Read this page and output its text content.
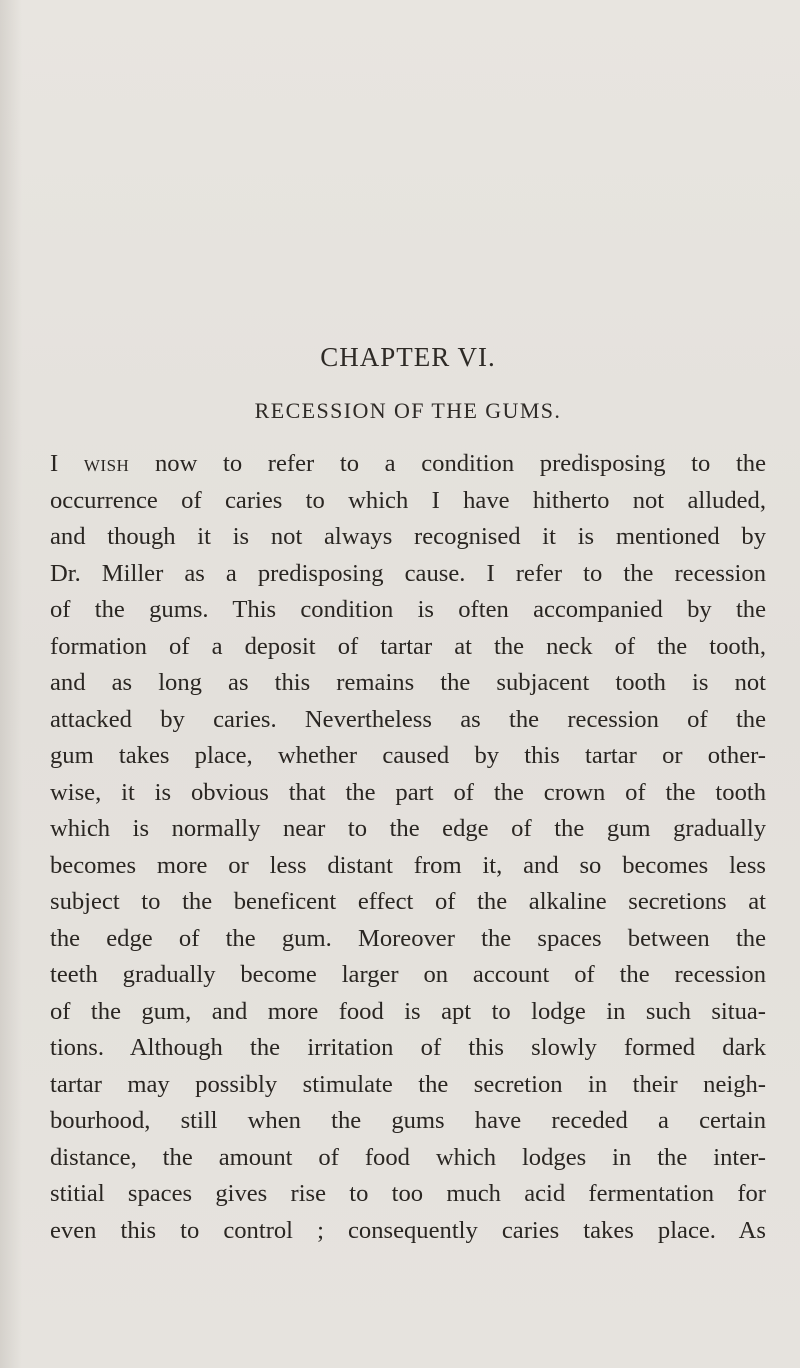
CHAPTER VI.
RECESSION OF THE GUMS.
I wish now to refer to a condition predisposing to the
occurrence of caries to which I have hitherto not alluded,
and though it is not always recognised it is mentioned by
Dr. Miller as a predisposing cause. I refer to the recession
of the gums. This condition is often accompanied by the
formation of a deposit of tartar at the neck of the tooth,
and as long as this remains the subjacent tooth is not
attacked by caries. Nevertheless as the recession of the
gum takes place, whether caused by this tartar or other-
wise, it is obvious that the part of the crown of the tooth
which is normally near to the edge of the gum gradually
becomes more or less distant from it, and so becomes less
subject to the beneficent effect of the alkaline secretions at
the edge of the gum. Moreover the spaces between the
teeth gradually become larger on account of the recession
of the gum, and more food is apt to lodge in such situa-
tions. Although the irritation of this slowly formed dark
tartar may possibly stimulate the secretion in their neigh-
bourhood, still when the gums have receded a certain
distance, the amount of food which lodges in the inter-
stitial spaces gives rise to too much acid fermentation for
even this to control ; consequently caries takes place. As
